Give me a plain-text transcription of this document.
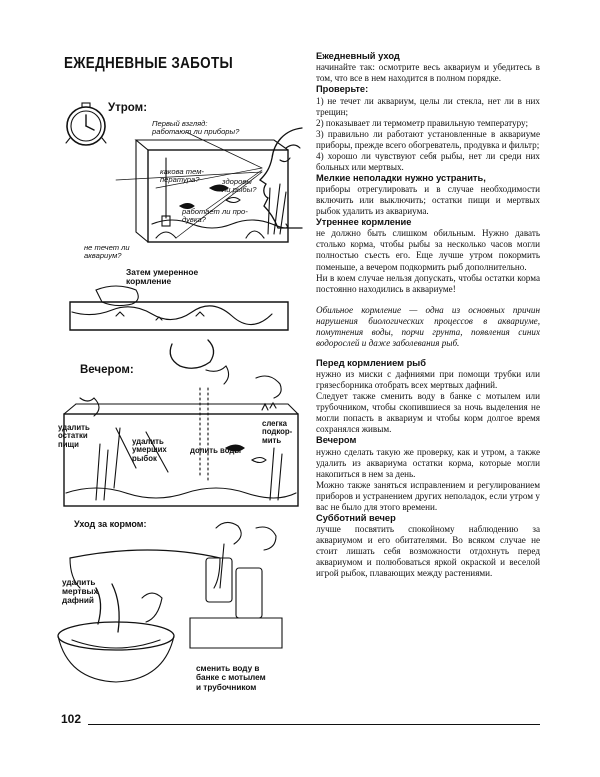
ЕЖЕДНЕВНЫЕ ЗАБОТЫ
Утром:
Первый взгляд:
работают ли приборы?
какова тем-
пература?	здоровы
ли рыбы?
работает ли про-
дувка?
не течет ли
аквариум?
Затем умеренное
кормление
Вечером:
удалить
остатки
пищи	удалить
умерших
рыбок
долить воды
слегка
подкор-
мить
Уход за кормом:
удалить
мертвых
дафний
сменить воду в
банке с мотылем
и трубочником

Ежедневный уход

начинайте так: осмотрите весь аквариум и убедитесь в том, что все в нем находится в полном порядке.

Проверьте:

1) не течет ли аквариум, целы ли стекла, нет ли в них трещин;

2) показывает ли термометр правильную температуру;

3) правильно ли работают установленные в аквариуме приборы, прежде всего обогреватель, продувка и фильтр;

4) хорошо ли чувствуют себя рыбы, нет ли среди них больных или мертвых.

Мелкие неполадки нужно устранить,

приборы отрегулировать и в случае необходимости включить или выключить; остатки пищи и мертвых рыбок удалить из аквариума.

Утреннее кормление

не должно быть слишком обильным. Нужно давать столько корма, чтобы рыбы за несколько часов могли полностью съесть его. Еще лучше утром покормить поменьше, а вечером подкормить рыб дополнительно.

Ни в коем случае нельзя допускать, чтобы остатки корма постоянно находились в аквариуме!

Обильное кормление — одна из основных причин нарушения биологических процессов в аквариуме, помутнения воды, порчи грунта, появления синих водорослей и даже заболевания рыб.

Перед кормлением рыб

нужно из миски с дафниями при помощи трубки или грязесборника отобрать всех мертвых дафний.

Следует также сменить воду в банке с мотылем или трубочником, чтобы скопившиеся за ночь выделения не могли попасть в аквариум и чтобы корм долгое время сохранялся живым.

Вечером

нужно сделать такую же проверку, как и утром, а также удалить из аквариума остатки корма, которые могли накопиться в нем за день.

Можно также заняться исправлением и регулированием приборов и устранением других неполадок, если утром у вас не было для этого времени.

Субботний вечер

лучше посвятить спокойному наблюдению за аквариумом и его обитателями. Во всяком случае не стоит лишать себя возможности отдохнуть перед аквариумом и полюбоваться яркой окраской и веселой игрой рыбок, плавающих между растениями.

102
